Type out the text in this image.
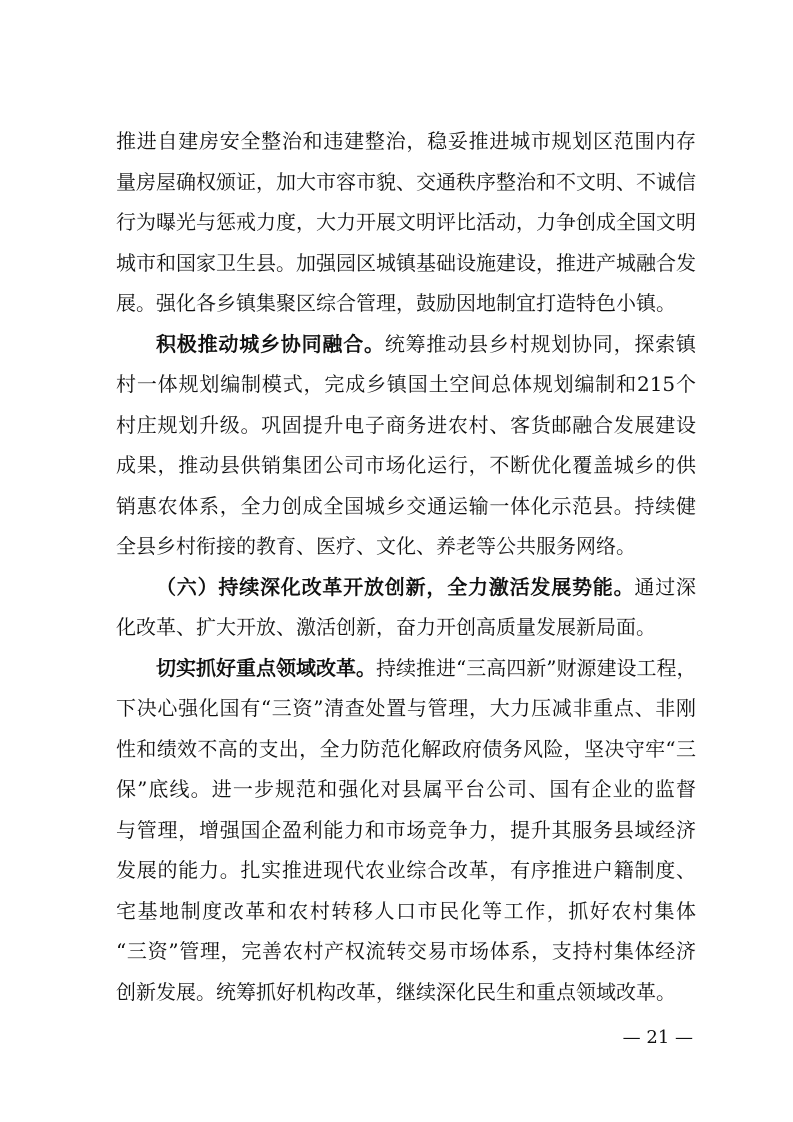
推进自建房安全整治和违建整治，稳妥推进城市规划区范围内存
量房屋确权颁证，加大市容市貌、交通秩序整治和不文明、不诚信
行为曝光与惩戒力度，大力开展文明评比活动，力争创成全国文明
城市和国家卫生县。加强园区城镇基础设施建设，推进产城融合发
展。强化各乡镇集聚区综合管理，鼓励因地制宜打造特色小镇。
积极推动城乡协同融合。统筹推动县乡村规划协同，探索镇
村一体规划编制模式，完成乡镇国土空间总体规划编制和215个
村庄规划升级。巩固提升电子商务进农村、客货邮融合发展建设
成果，推动县供销集团公司市场化运行，不断优化覆盖城乡的供
销惠农体系，全力创成全国城乡交通运输一体化示范县。持续健
全县乡村衔接的教育、医疗、文化、养老等公共服务网络。
（六）持续深化改革开放创新，全力激活发展势能。通过深
化改革、扩大开放、激活创新，奋力开创高质量发展新局面。
切实抓好重点领域改革。持续推进“三高四新”财源建设工程，
下决心强化国有“三资”清查处置与管理，大力压减非重点、非刚
性和绩效不高的支出，全力防范化解政府债务风险，坚决守牢“三
保”底线。进一步规范和强化对县属平台公司、国有企业的监督
与管理，增强国企盈利能力和市场竞争力，提升其服务县域经济
发展的能力。扎实推进现代农业综合改革，有序推进户籍制度、
宅基地制度改革和农村转移人口市民化等工作，抓好农村集体
“三资”管理，完善农村产权流转交易市场体系，支持村集体经济
创新发展。统筹抓好机构改革，继续深化民生和重点领域改革。
— 21 —
